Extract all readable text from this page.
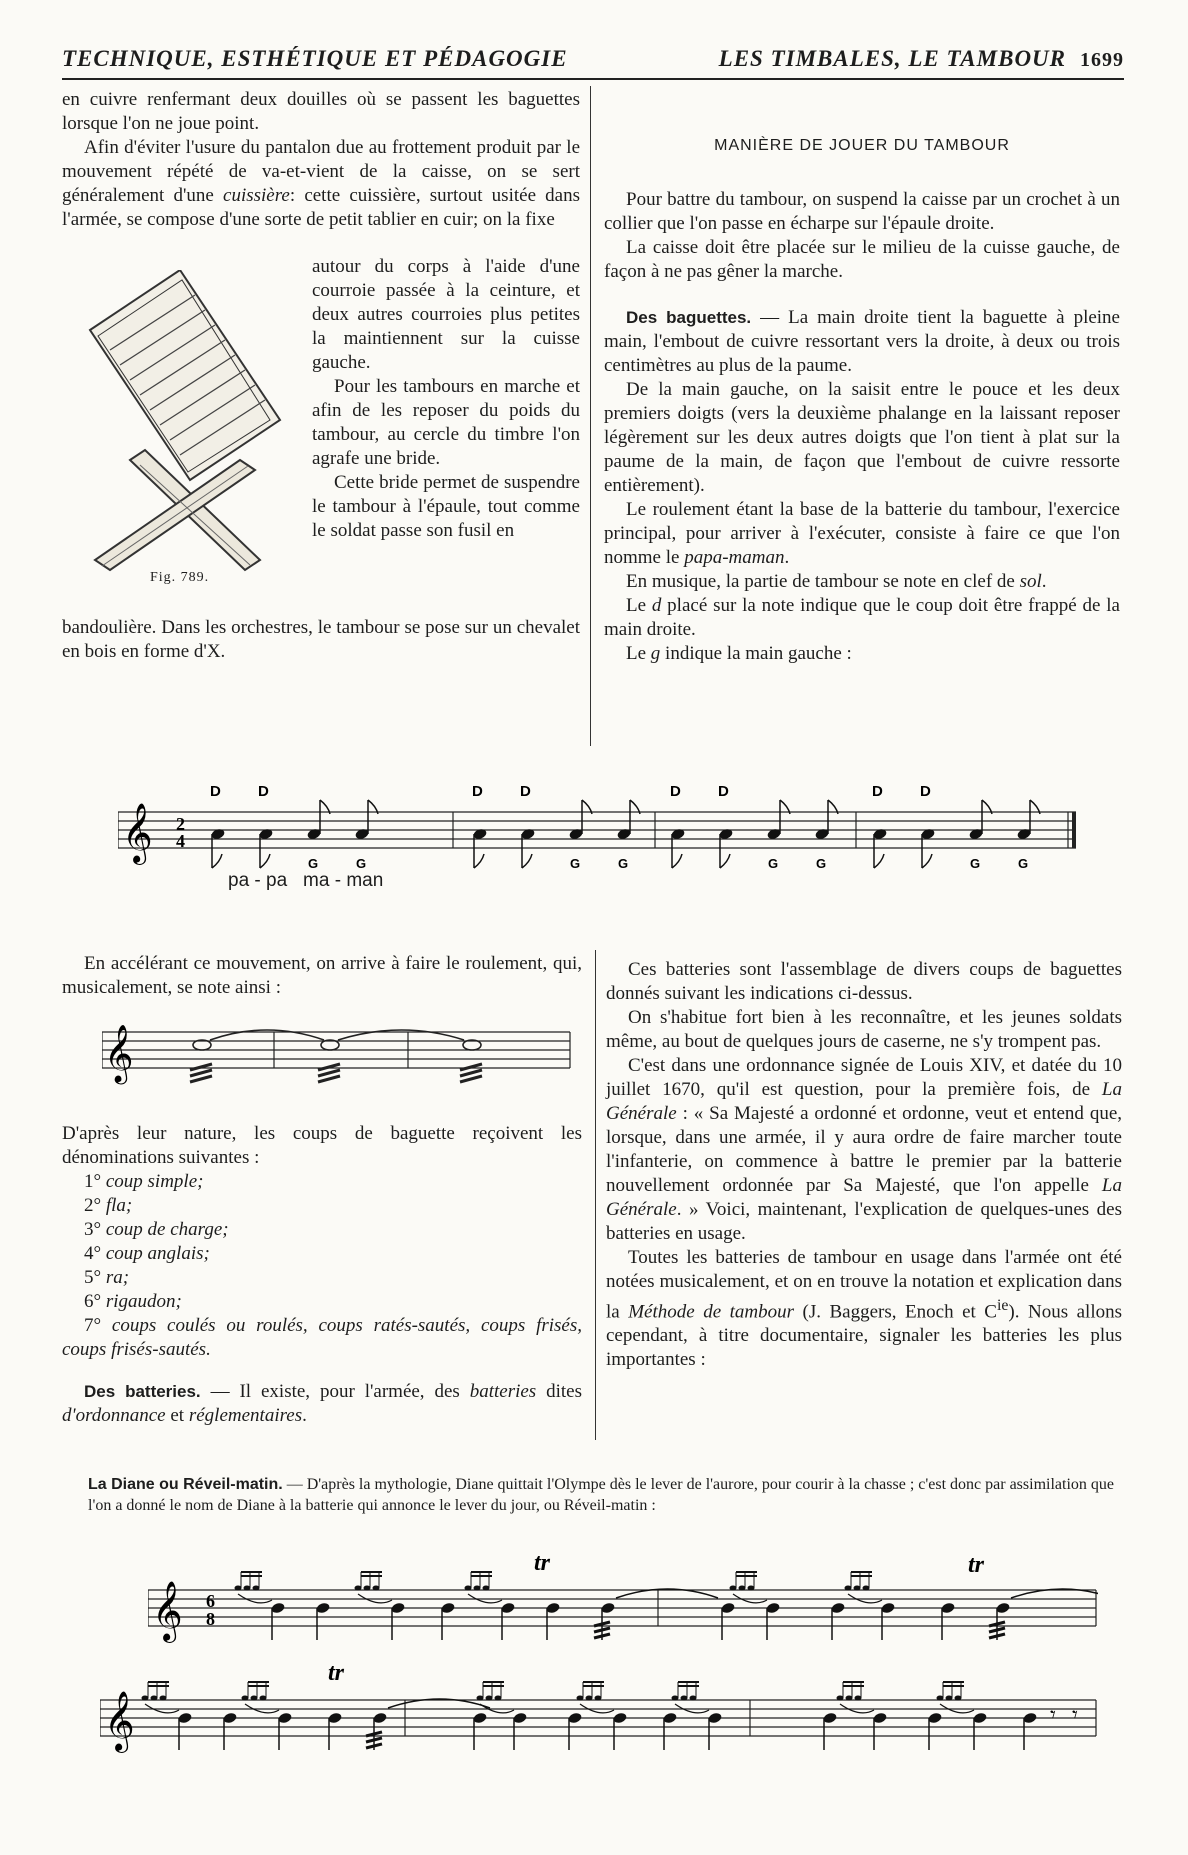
TECHNIQUE, ESTHÉTIQUE ET PÉDAGOGIE	LES TIMBALES, LE TAMBOUR 1699

en cuivre renfermant deux douilles où se passent les baguettes lorsque l'on ne joue point.

Afin d'éviter l'usure du pantalon due au frottement produit par le mouvement répété de va-et-vient de la caisse, on se sert généralement d'une cuissière: cette cuissière, surtout usitée dans l'armée, se compose d'une sorte de petit tablier en cuir; on la fixe

Fig. 789.

autour du corps à l'aide d'une courroie passée à la ceinture, et deux autres courroies plus petites la maintiennent sur la cuisse gauche.

Pour les tambours en marche et afin de les reposer du poids du tambour, au cercle du timbre l'on agrafe une bride.

Cette bride permet de suspendre le tambour à l'épaule, tout comme le soldat passe son fusil en

bandoulière. Dans les orchestres, le tambour se pose sur un chevalet en bois en forme d'X.

MANIÈRE DE JOUER DU TAMBOUR

Pour battre du tambour, on suspend la caisse par un crochet à un collier que l'on passe en écharpe sur l'épaule droite.

La caisse doit être placée sur le milieu de la cuisse gauche, de façon à ne pas gêner la marche.

Des baguettes. — La main droite tient la baguette à pleine main, l'embout de cuivre ressortant vers la droite, à deux ou trois centimètres au plus de la paume.

De la main gauche, on la saisit entre le pouce et les deux premiers doigts (vers la deuxième phalange en la laissant reposer légèrement sur les deux autres doigts que l'on tient à plat sur la paume de la main, de façon que l'embout de cuivre ressorte entièrement).

Le roulement étant la base de la batterie du tambour, l'exercice principal, pour arriver à l'exécuter, consiste à faire ce que l'on nomme le papa-maman.

En musique, la partie de tambour se note en clef de sol.

Le d placé sur la note indique que le coup doit être frappé de la main droite.

Le g indique la main gauche :

𝄞 2
4
D D
G	G
D D
G	G
D D
G	G
D D
G	G
pa - pa ma - man

En accélérant ce mouvement, on arrive à faire le roulement, qui, musicalement, se note ainsi :

𝄞

D'après leur nature, les coups de baguette reçoivent les dénominations suivantes :

1° coup simple;

2° fla;

3° coup de charge;

4° coup anglais;

5° ra;

6° rigaudon;

7° coups coulés ou roulés, coups ratés-sautés, coups frisés, coups frisés-sautés.

Des batteries. — Il existe, pour l'armée, des batteries dites d'ordonnance et réglementaires.

Ces batteries sont l'assemblage de divers coups de baguettes donnés suivant les indications ci-dessus.

On s'habitue fort bien à les reconnaître, et les jeunes soldats même, au bout de quelques jours de caserne, ne s'y trompent pas.

C'est dans une ordonnance signée de Louis XIV, et datée du 10 juillet 1670, qu'il est question, pour la première fois, de La Générale : « Sa Majesté a ordonné et ordonne, veut et entend que, lorsque, dans une armée, il y aura ordre de faire marcher toute l'infanterie, on commence à battre le premier par la batterie nouvellement ordonnée par Sa Majesté, que l'on appelle La Générale. » Voici, maintenant, l'explication de quelques-unes des batteries en usage.

Toutes les batteries de tambour en usage dans l'armée ont été notées musicalement, et on en trouve la notation et explication dans la Méthode de tambour (J. Baggers, Enoch et $C^{ie}$). Nous allons cependant, à titre documentaire, signaler les batteries les plus importantes :

La Diane ou Réveil-matin. — D'après la mythologie, Diane quittait l'Olympe dès le lever de l'aurore, pour courir à la chasse ; c'est donc par assimilation que l'on a donné le nom de Diane à la batterie qui annonce le lever du jour, ou Réveil-matin :
𝄞 6
8
tr	tr
𝄞
tr
𝄾 𝄾
